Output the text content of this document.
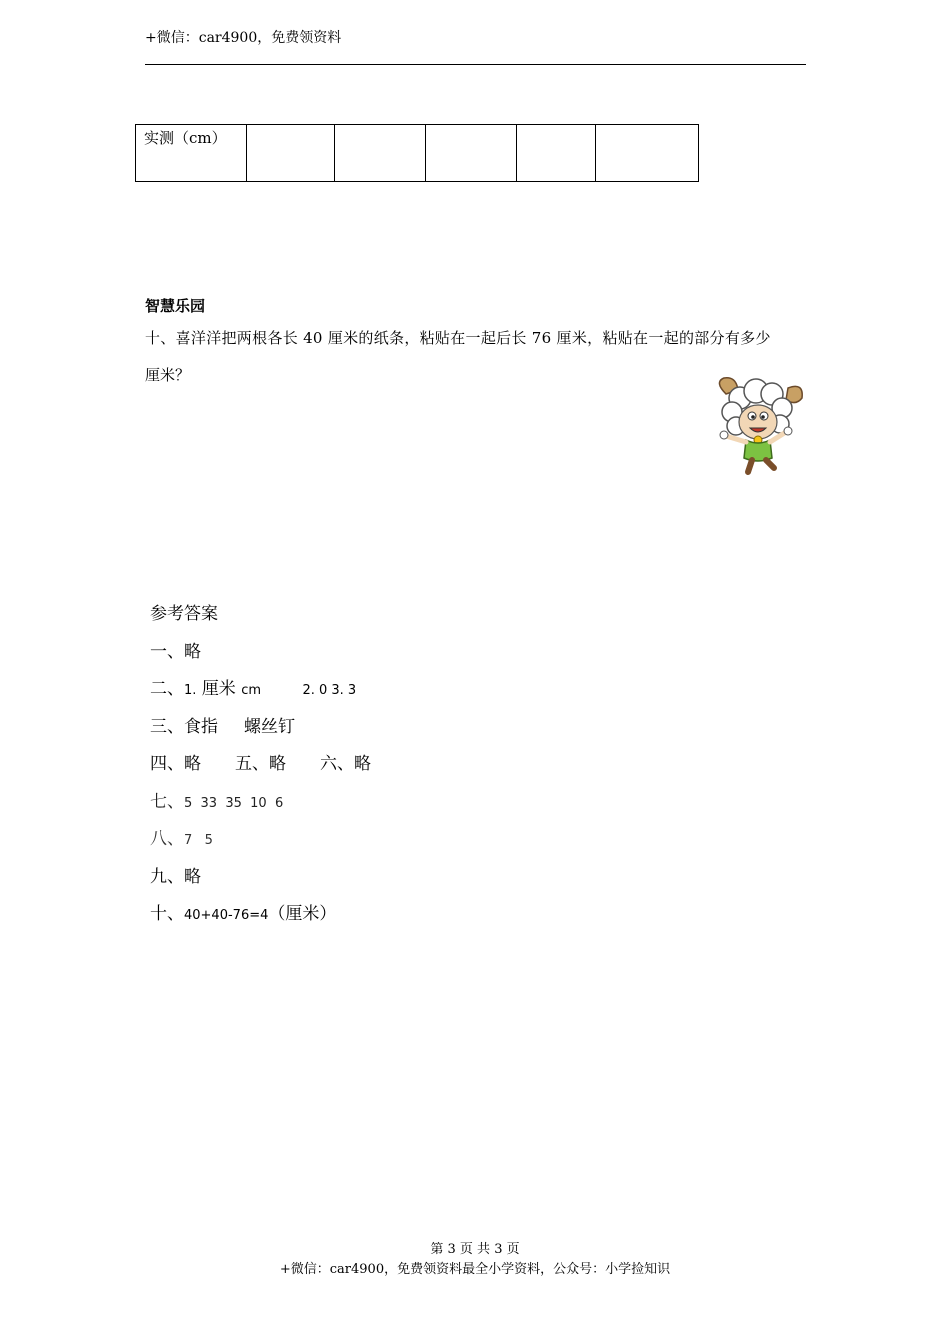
+微信：car4900，免费领资料
实测（cm）					
智慧乐园
十、喜洋洋把两根各长 40 厘米的纸条，粘贴在一起后长 76 厘米，粘贴在一起的部分有多少
厘米？
参考答案
一、略
二、1. 厘米 cm	2. 0 3. 3
三、食指 螺丝钉
四、略 五、略 六、略
七、5  33  35  10  6
八、7   5
九、略
十、40+40-76=4（厘米）
第 3 页 共 3 页
+微信：car4900，免费领资料最全小学资料，公众号：小学捡知识
